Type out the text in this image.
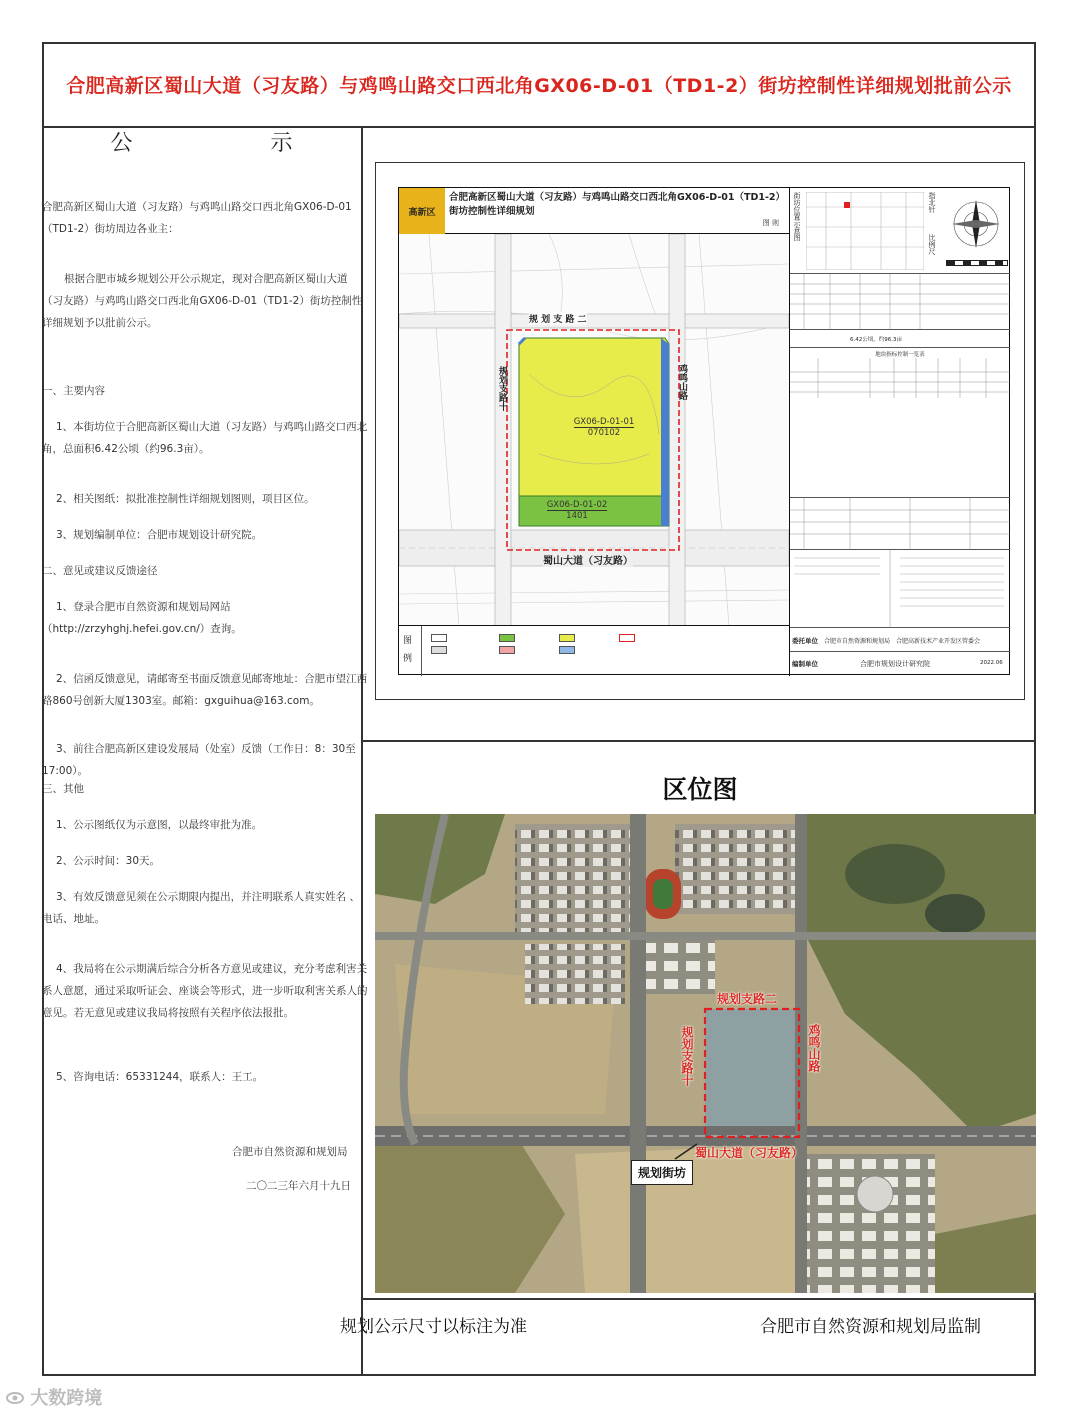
合肥高新区蜀山大道（习友路）与鸡鸣山路交口西北角GX06-D-01（TD1-2）街坊控制性详细规划批前公示
公　示

合肥高新区蜀山大道（习友路）与鸡鸣山路交口西北角GX06-D-01（TD1-2）街坊周边各业主：

根据合肥市城乡规划公开公示规定，现对合肥高新区蜀山大道（习友路）与鸡鸣山路交口西北角GX06-D-01（TD1-2）街坊控制性详细规划予以批前公示。

一、主要内容

1、本街坊位于合肥高新区蜀山大道（习友路）与鸡鸣山路交口西北角，总面积6.42公顷（约96.3亩）。

2、相关图纸：拟批准控制性详细规划图则，项目区位。

3、规划编制单位：合肥市规划设计研究院。

二、意见或建议反馈途径

1、登录合肥市自然资源和规划局网站（http://zrzyhghj.hefei.gov.cn/）查询。

2、信函反馈意见，请邮寄至书面反馈意见邮寄地址：合肥市望江西路860号创新大厦1303室。邮箱：gxguihua@163.com。

3、前往合肥高新区建设发展局（处室）反馈（工作日：8：30至17:00）。

三、其他

1、公示图纸仅为示意图，以最终审批为准。

2、公示时间：30天。

3、有效反馈意见须在公示期限内提出，并注明联系人真实姓名 、电话、地址。

4、我局将在公示期满后综合分析各方意见或建议，充分考虑利害关系人意愿，通过采取听证会、座谈会等形式，进一步听取利害关系人的意见。若无意见或建议我局将按照有关程序依法报批。

5、咨询电话：65331244，联系人：王工。

合肥市自然资源和规划局
二〇二三年六月十九日
高新区
合肥高新区蜀山大道（习友路）与鸡鸣山路交口西北角GX06-D-01（TD1-2）街坊控制性详细规划
图 则
GX06-D-01-01
070102
GX06-D-01-02
1401
规 划 支 路 二
规划支路十	鸡鸣山路
蜀山大道（习友路）
图例
街坊位置示意图	指北针
比例尺
6.42公顷，约96.3亩
地块指标控制一览表
委托单位 合肥市自然资源和规划局　合肥高新技术产业开发区管委会
编制单位	合肥市规划设计研究院	2022.06
区位图
规划支路二
规划支路十	鸡鸣山路
蜀山大道（习友路）
规划街坊
规划公示尺寸以标注为准	合肥市自然资源和规划局监制
大数跨境
